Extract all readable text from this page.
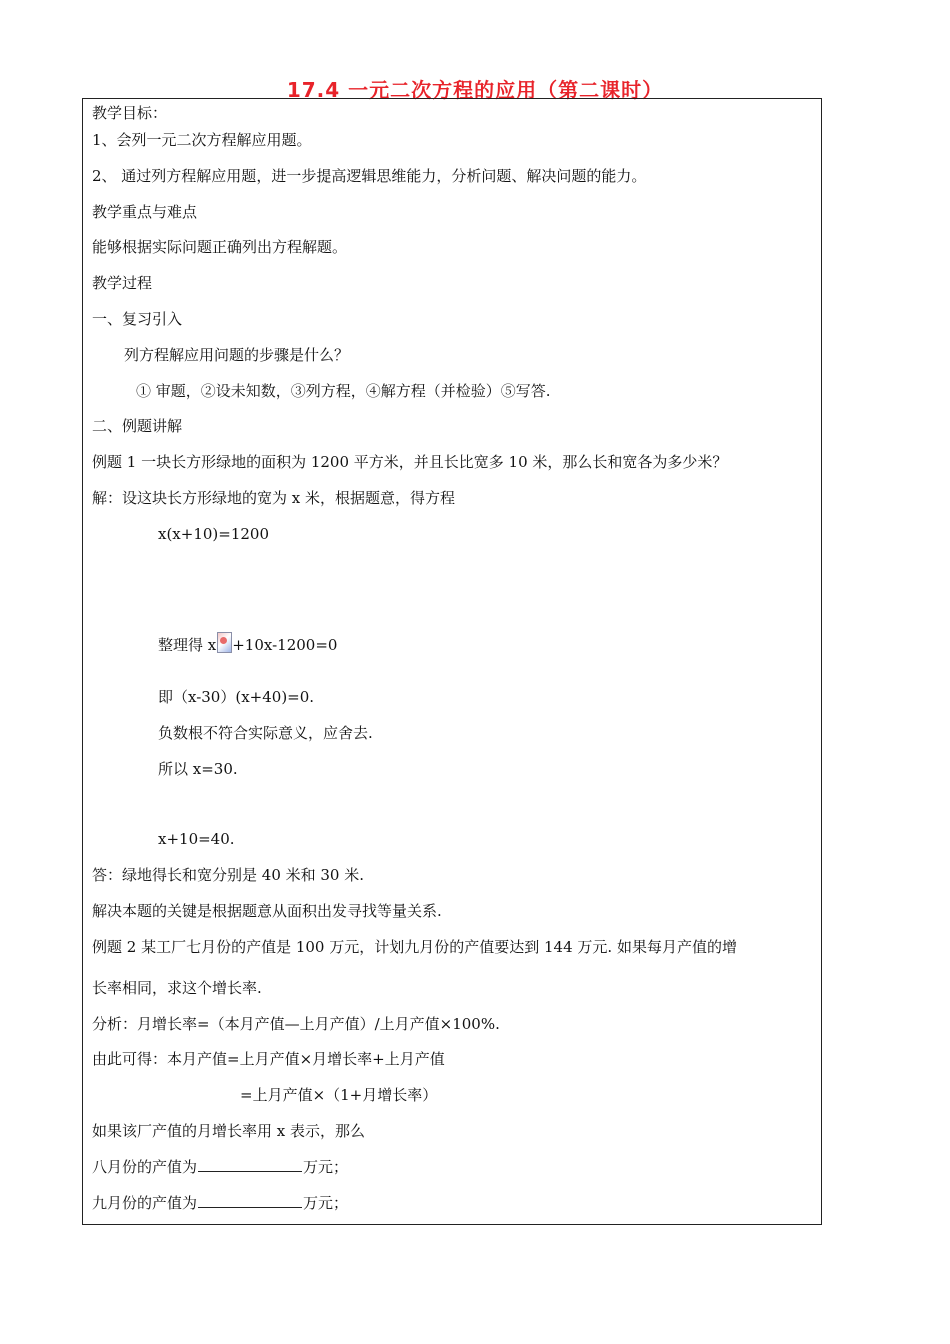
17.4 一元二次方程的应用（第二课时）
教学目标：
1、会列一元二次方程解应用题。
2、 通过列方程解应用题，进一步提高逻辑思维能力，分析问题、解决问题的能力。
教学重点与难点
能够根据实际问题正确列出方程解题。
教学过程
一、复习引入
列方程解应用问题的步骤是什么？
① 审题，②设未知数，③列方程，④解方程（并检验）⑤写答.
二、例题讲解
例题 1 一块长方形绿地的面积为 1200 平方米，并且长比宽多 10 米，那么长和宽各为多少米？
解：设这块长方形绿地的宽为 x 米，根据题意，得方程
x(x+10)=1200
整理得 x +10x-1200=0
即（x-30）(x+40)=0.
负数根不符合实际意义，应舍去.
所以 x=30.
x+10=40.
答：绿地得长和宽分别是 40 米和 30 米.
解决本题的关键是根据题意从面积出发寻找等量关系.
例题 2 某工厂七月份的产值是 100 万元，计划九月份的产值要达到 144 万元. 如果每月产值的增
长率相同，求这个增长率.
分析：月增长率=（本月产值—上月产值）/上月产值×100%.
由此可得：本月产值=上月产值×月增长率+上月产值
=上月产值×（1+月增长率）
如果该厂产值的月增长率用 x 表示，那么
八月份的产值为	万元；
九月份的产值为	万元；
